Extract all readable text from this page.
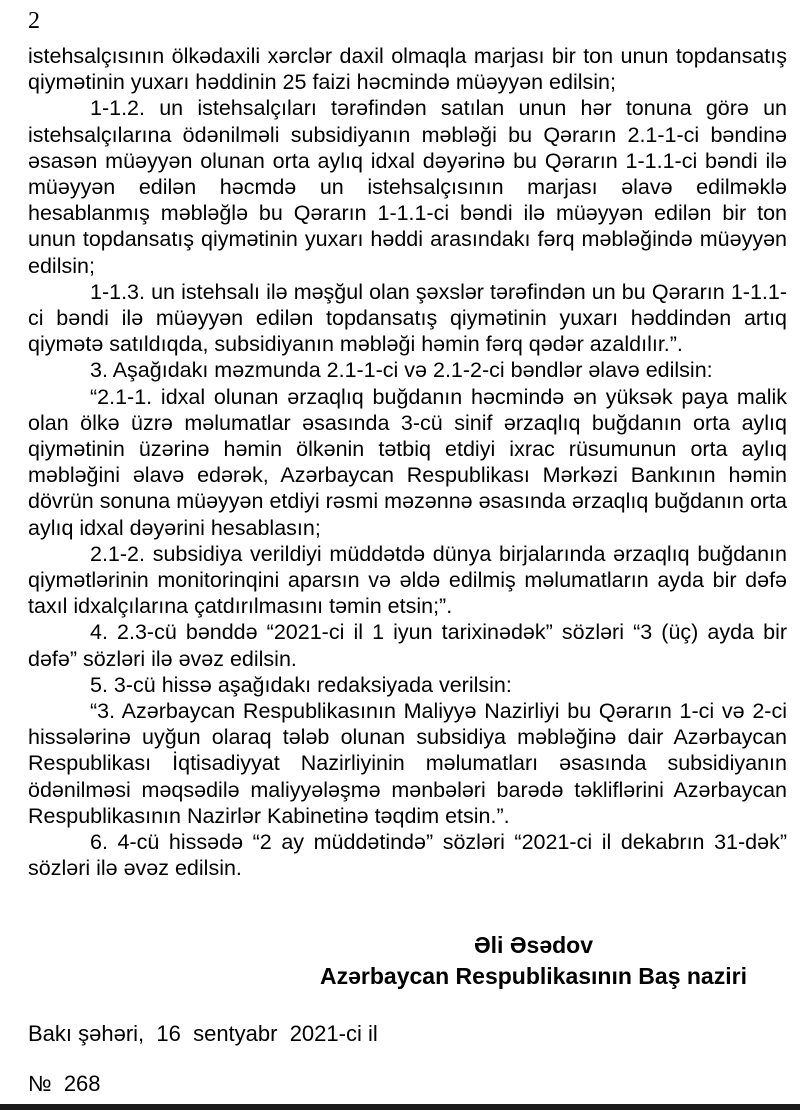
2

istehsalçısının ölkədaxili xərclər daxil olmaqla marjası bir ton unun topdansatış qiymətinin yuxarı həddinin 25 faizi həcmində müəyyən edilsin;

1-1.2. un istehsalçıları tərəfindən satılan unun hər tonuna görə un istehsalçılarına ödənilməli subsidiyanın məbləği bu Qərarın 2.1-1-ci bəndinə əsasən müəyyən olunan orta aylıq idxal dəyərinə bu Qərarın 1-1.1-ci bəndi ilə müəyyən edilən həcmdə un istehsalçısının marjası əlavə edilməklə hesablanmış məbləğlə bu Qərarın 1-1.1-ci bəndi ilə müəyyən edilən bir ton unun topdansatış qiymətinin yuxarı həddi arasındakı fərq məbləğində müəyyən edilsin;

1-1.3. un istehsalı ilə məşğul olan şəxslər tərəfindən un bu Qərarın 1-1.1-ci bəndi ilə müəyyən edilən topdansatış qiymətinin yuxarı həddindən artıq qiymətə satıldıqda, subsidiyanın məbləği həmin fərq qədər azaldılır.”.

3. Aşağıdakı məzmunda 2.1-1-ci və 2.1-2-ci bəndlər əlavə edilsin:

“2.1-1. idxal olunan ərzaqlıq buğdanın həcmində ən yüksək paya malik olan ölkə üzrə məlumatlar əsasında 3-cü sinif ərzaqlıq buğdanın orta aylıq qiymətinin üzərinə həmin ölkənin tətbiq etdiyi ixrac rüsumunun orta aylıq məbləğini əlavə edərək, Azərbaycan Respublikası Mərkəzi Bankının həmin dövrün sonuna müəyyən etdiyi rəsmi məzənnə əsasında ərzaqlıq buğdanın orta aylıq idxal dəyərini hesablasın;

2.1-2. subsidiya verildiyi müddətdə dünya birjalarında ərzaqlıq buğdanın qiymətlərinin monitorinqini aparsın və əldə edilmiş məlumatların ayda bir dəfə taxıl idxalçılarına çatdırılmasını təmin etsin;”.

4. 2.3-cü bənddə “2021-ci il 1 iyun tarixinədək” sözləri “3 (üç) ayda bir dəfə” sözləri ilə əvəz edilsin.

5. 3-cü hissə aşağıdakı redaksiyada verilsin:

“3. Azərbaycan Respublikasının Maliyyə Nazirliyi bu Qərarın 1-ci və 2-ci hissələrinə uyğun olaraq tələb olunan subsidiya məbləğinə dair Azərbaycan Respublikası İqtisadiyyat Nazirliyinin məlumatları əsasında subsidiyanın ödənilməsi məqsədilə maliyyələşmə mənbələri barədə təkliflərini Azərbaycan Respublikasının Nazirlər Kabinetinə təqdim etsin.”.

6. 4-cü hissədə “2 ay müddətində” sözləri “2021-ci il dekabrın 31-dək” sözləri ilə əvəz edilsin.

Əli Əsədov
Azərbaycan Respublikasının Baş naziri
Bakı şəhəri,  16  sentyabr  2021-ci il
№  268
